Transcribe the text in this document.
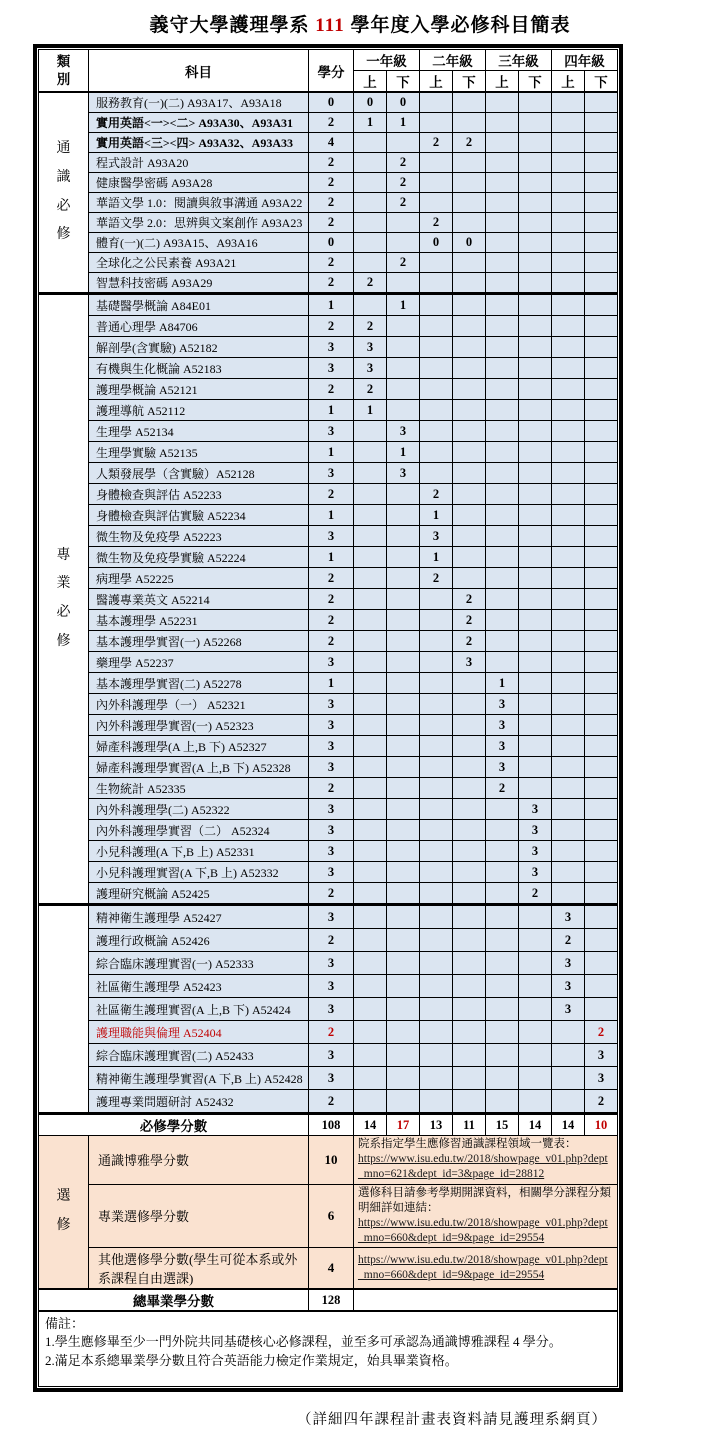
義守大學護理學系 111 學年度入學必修科目簡表
類別	科目	學分	一年級		二年級		三年級		四年級	
			上	下	上	下	上	下	上	下
通識必修	服務教育(一)(二) A93A17、A93A18	0	0	0						
	實用英語<一><二> A93A30、A93A31	2	1	1						
	實用英語<三><四> A93A32、A93A33	4			2	2				
	程式設計 A93A20	2		2						
	健康醫學密碼 A93A28	2		2						
	華語文學 1.0：閱讀與敘事溝通 A93A22	2		2						
	華語文學 2.0：思辨與文案創作 A93A23	2			2					
	體育(一)(二) A93A15、A93A16	0			0	0				
	全球化之公民素養 A93A21	2		2						
	智慧科技密碼 A93A29	2	2							
專業必修	基礎醫學概論 A84E01	1		1						
	普通心理學 A84706	2	2							
	解剖學(含實驗) A52182	3	3							
	有機與生化概論 A52183	3	3							
	護理學概論 A52121	2	2							
	護理導航 A52112	1	1							
	生理學 A52134	3		3						
	生理學實驗 A52135	1		1						
	人類發展學（含實驗）A52128	3		3						
	身體檢查與評估 A52233	2			2					
	身體檢查與評估實驗 A52234	1			1					
	微生物及免疫學 A52223	3			3					
	微生物及免疫學實驗 A52224	1			1					
	病理學 A52225	2			2					
	醫護專業英文 A52214	2				2				
	基本護理學 A52231	2				2				
	基本護理學實習(一) A52268	2				2				
	藥理學 A52237	3				3				
	基本護理學實習(二) A52278	1					1			
	內外科護理學（一） A52321	3					3			
	內外科護理學實習(一) A52323	3					3			
	婦產科護理學(A 上,B 下) A52327	3					3			
	婦產科護理學實習(A 上,B 下) A52328	3					3			
	生物統計 A52335	2					2			
	內外科護理學(二) A52322	3						3		
	內外科護理學實習（二） A52324	3						3		
	小兒科護理(A 下,B 上) A52331	3						3		
	小兒科護理實習(A 下,B 上) A52332	3						3		
	護理研究概論 A52425	2						2		
	精神衛生護理學 A52427	3							3	
	護理行政概論 A52426	2							2	
	綜合臨床護理實習(一) A52333	3							3	
	社區衛生護理學 A52423	3							3	
	社區衛生護理實習(A 上,B 下) A52424	3							3	
	護理職能與倫理 A52404	2								2
	綜合臨床護理實習(二) A52433	3								3
	精神衛生護理學實習(A 下,B 上) A52428	3								3
	護理專業問題研討 A52432	2								2
必修學分數		108	14	17	13	11	15	14	14	10
選修	通識博雅學分數	10	院系指定學生應修習通識課程領域一覽表：
https://www.isu.edu.tw/2018/showpage_v01.php?dept_mno=621&dept_id=3&page_id=28812							
	專業選修學分數	6	選修科目請參考學期開課資料，相關學分課程分類明細詳如連結：
https://www.isu.edu.tw/2018/showpage_v01.php?dept_mno=660&dept_id=9&page_id=29554							
	其他選修學分數(學生可從本系或外系課程自由選課)	4	https://www.isu.edu.tw/2018/showpage_v01.php?dept_mno=660&dept_id=9&page_id=29554							
總畢業學分數		128								

備註：
1.學生應修畢至少一門外院共同基礎核心必修課程，並至多可承認為通識博雅課程 4 學分。
2.滿足本系總畢業學分數且符合英語能力檢定作業規定，始具畢業資格。										
（詳細四年課程計畫表資料請見護理系網頁）
